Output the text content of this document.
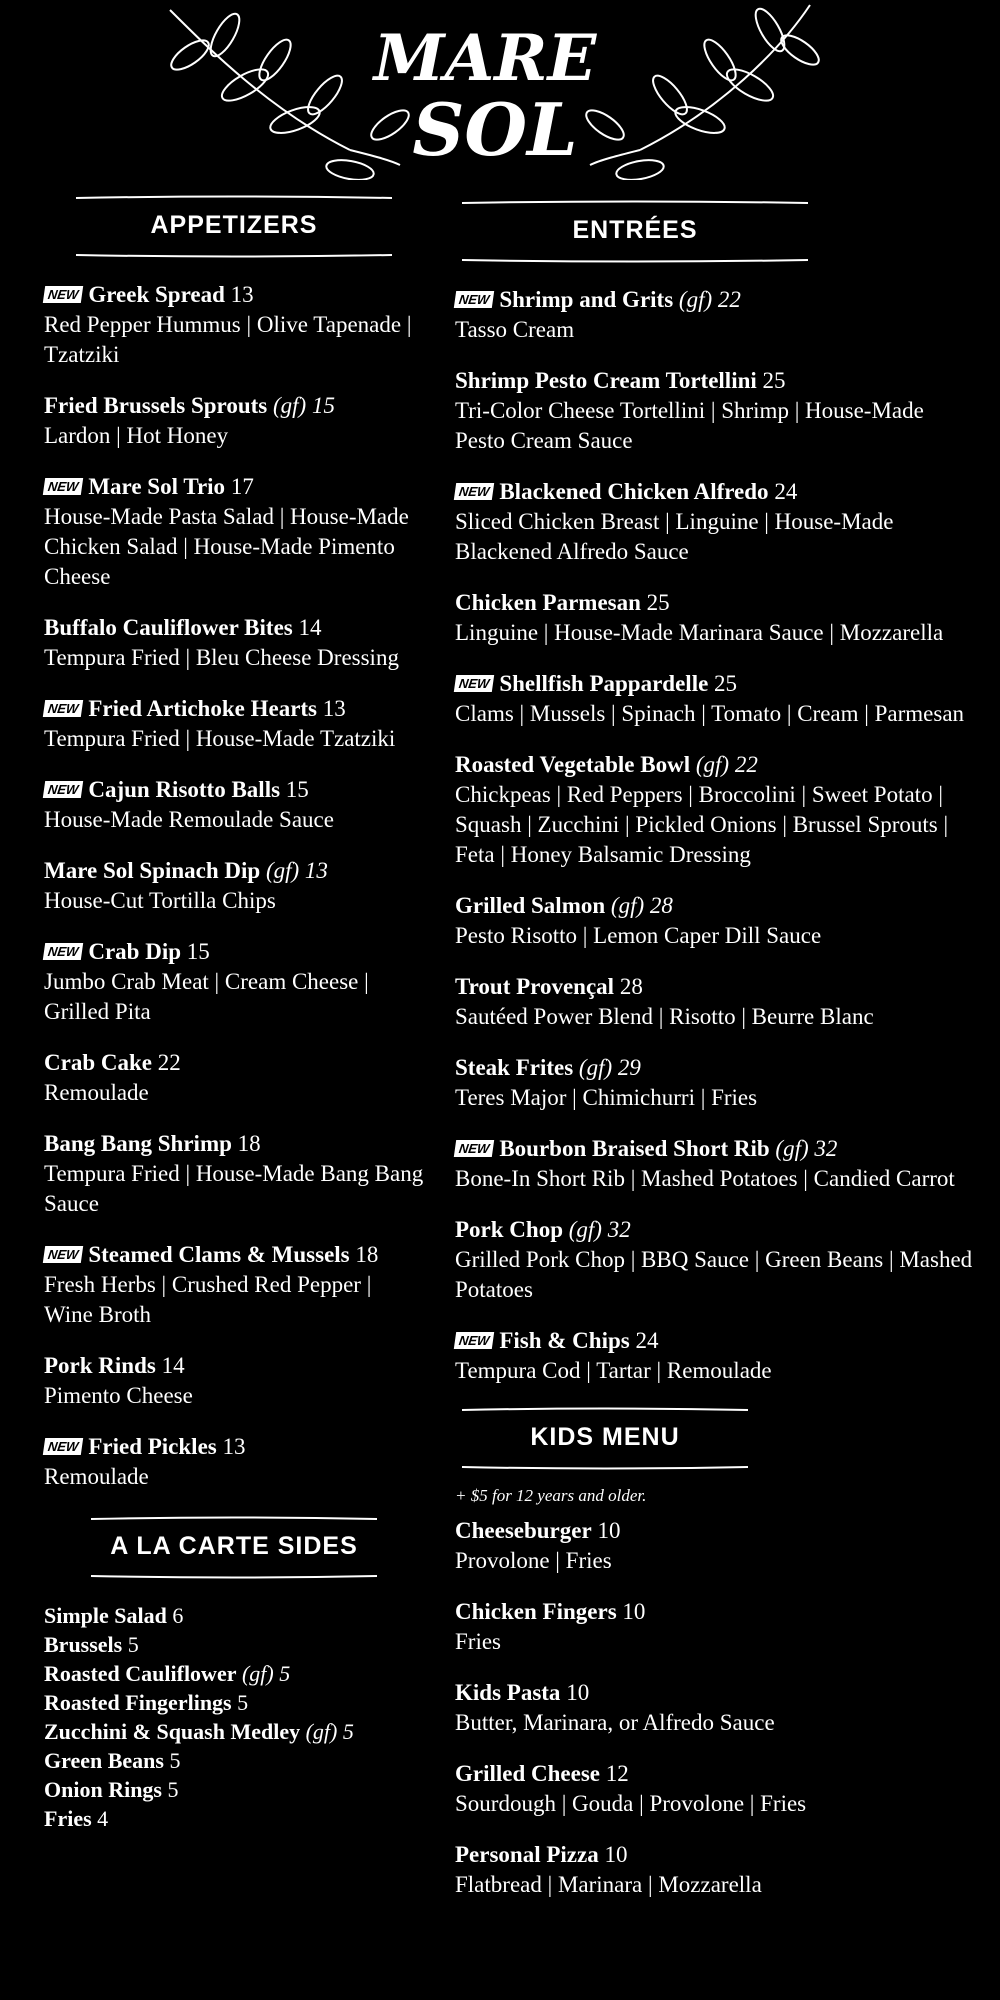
MARE
SOL
APPETIZERS
NEW Greek Spread 13
Red Pepper Hummus | Olive Tapenade | Tzatziki
Fried Brussels Sprouts (gf) 15
Lardon | Hot Honey
NEW Mare Sol Trio 17
House-Made Pasta Salad | House-Made Chicken Salad | House-Made Pimento Cheese
Buffalo Cauliflower Bites 14
Tempura Fried | Bleu Cheese Dressing
NEW Fried Artichoke Hearts 13
Tempura Fried | House-Made Tzatziki
NEW Cajun Risotto Balls 15
House-Made Remoulade Sauce
Mare Sol Spinach Dip (gf) 13
House-Cut Tortilla Chips
NEW Crab Dip 15
Jumbo Crab Meat | Cream Cheese | Grilled Pita
Crab Cake 22
Remoulade
Bang Bang Shrimp 18
Tempura Fried | House-Made Bang Bang Sauce
NEW Steamed Clams & Mussels 18
Fresh Herbs | Crushed Red Pepper | Wine Broth
Pork Rinds 14
Pimento Cheese
NEW Fried Pickles 13
Remoulade
A LA CARTE SIDES
Simple Salad 6
Brussels 5
Roasted Cauliflower (gf) 5
Roasted Fingerlings 5
Zucchini & Squash Medley (gf) 5
Green Beans 5
Onion Rings 5
Fries 4
ENTRÉES
NEW Shrimp and Grits (gf) 22
Tasso Cream
Shrimp Pesto Cream Tortellini 25
Tri-Color Cheese Tortellini | Shrimp | House-Made Pesto Cream Sauce
NEW Blackened Chicken Alfredo 24
Sliced Chicken Breast | Linguine | House-Made Blackened Alfredo Sauce
Chicken Parmesan 25
Linguine | House-Made Marinara Sauce | Mozzarella
NEW Shellfish Pappardelle 25
Clams | Mussels | Spinach | Tomato | Cream | Parmesan
Roasted Vegetable Bowl (gf) 22
Chickpeas | Red Peppers | Broccolini | Sweet Potato | Squash | Zucchini | Pickled Onions | Brussel Sprouts | Feta | Honey Balsamic Dressing
Grilled Salmon (gf) 28
Pesto Risotto | Lemon Caper Dill Sauce
Trout Provençal 28
Sautéed Power Blend | Risotto | Beurre Blanc
Steak Frites (gf) 29
Teres Major | Chimichurri | Fries
NEW Bourbon Braised Short Rib (gf) 32
Bone-In Short Rib | Mashed Potatoes | Candied Carrot
Pork Chop (gf) 32
Grilled Pork Chop | BBQ Sauce | Green Beans | Mashed Potatoes
NEW Fish & Chips 24
Tempura Cod | Tartar | Remoulade
KIDS MENU
+ $5 for 12 years and older.
Cheeseburger 10
Provolone | Fries
Chicken Fingers 10
Fries
Kids Pasta 10
Butter, Marinara, or Alfredo Sauce
Grilled Cheese 12
Sourdough | Gouda | Provolone | Fries
Personal Pizza 10
Flatbread | Marinara | Mozzarella
